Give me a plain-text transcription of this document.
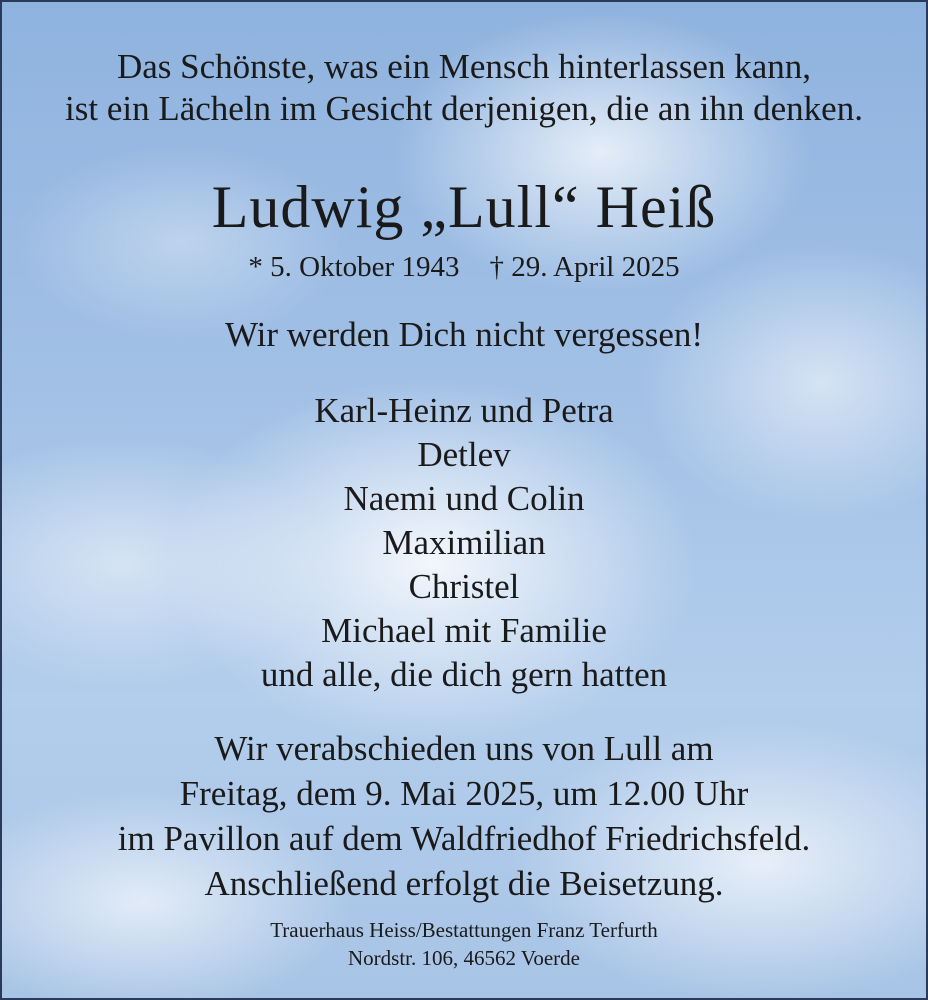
Das Schönste, was ein Mensch hinterlassen kann,
ist ein Lächeln im Gesicht derjenigen, die an ihn denken.
Ludwig „Lull“ Heiß
* 5. Oktober 1943 † 29. April 2025
Wir werden Dich nicht vergessen!
Karl-Heinz und Petra
Detlev
Naemi und Colin
Maximilian
Christel
Michael mit Familie
und alle, die dich gern hatten
Wir verabschieden uns von Lull am
Freitag, dem 9. Mai 2025, um 12.00 Uhr
im Pavillon auf dem Waldfriedhof Friedrichsfeld.
Anschließend erfolgt die Beisetzung.
Trauerhaus Heiss/Bestattungen Franz Terfurth
Nordstr. 106, 46562 Voerde
